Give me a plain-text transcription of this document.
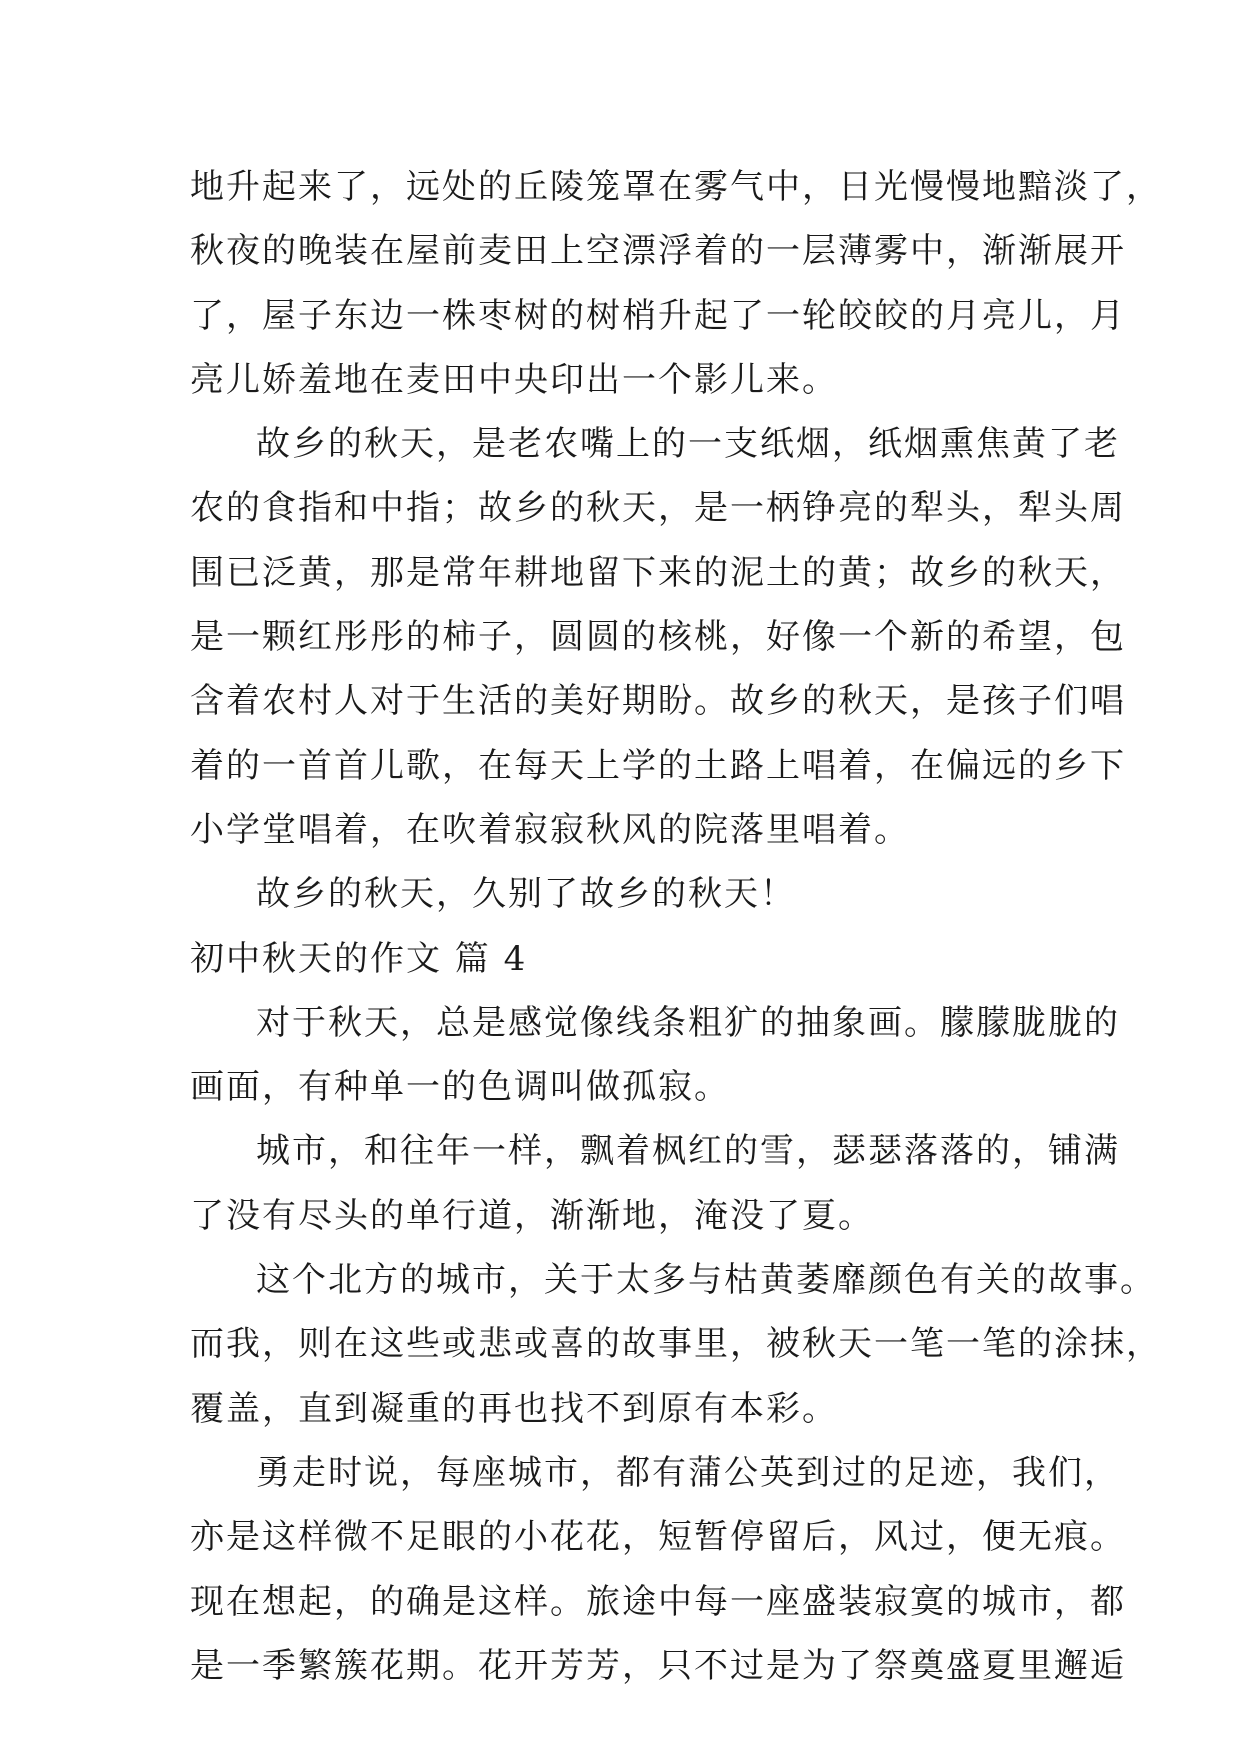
地升起来了，远处的丘陵笼罩在雾气中，日光慢慢地黯淡了，
秋夜的晚装在屋前麦田上空漂浮着的一层薄雾中，渐渐展开
了，屋子东边一株枣树的树梢升起了一轮皎皎的月亮儿，月
亮儿娇羞地在麦田中央印出一个影儿来。
故乡的秋天，是老农嘴上的一支纸烟，纸烟熏焦黄了老
农的食指和中指；故乡的秋天，是一柄铮亮的犁头，犁头周
围已泛黄，那是常年耕地留下来的泥土的黄；故乡的秋天，
是一颗红彤彤的柿子，圆圆的核桃，好像一个新的希望，包
含着农村人对于生活的美好期盼。故乡的秋天，是孩子们唱
着的一首首儿歌，在每天上学的土路上唱着，在偏远的乡下
小学堂唱着，在吹着寂寂秋风的院落里唱着。
故乡的秋天，久别了故乡的秋天！
初中秋天的作文 篇 4
对于秋天，总是感觉像线条粗犷的抽象画。朦朦胧胧的
画面，有种单一的色调叫做孤寂。
城市，和往年一样，飘着枫红的雪，瑟瑟落落的，铺满
了没有尽头的单行道，渐渐地，淹没了夏。
这个北方的城市，关于太多与枯黄萎靡颜色有关的故事。
而我，则在这些或悲或喜的故事里，被秋天一笔一笔的涂抹，
覆盖，直到凝重的再也找不到原有本彩。
勇走时说，每座城市，都有蒲公英到过的足迹，我们，
亦是这样微不足眼的小花花，短暂停留后，风过，便无痕。
现在想起，的确是这样。旅途中每一座盛装寂寞的城市，都
是一季繁簇花期。花开芳芳，只不过是为了祭奠盛夏里邂逅
